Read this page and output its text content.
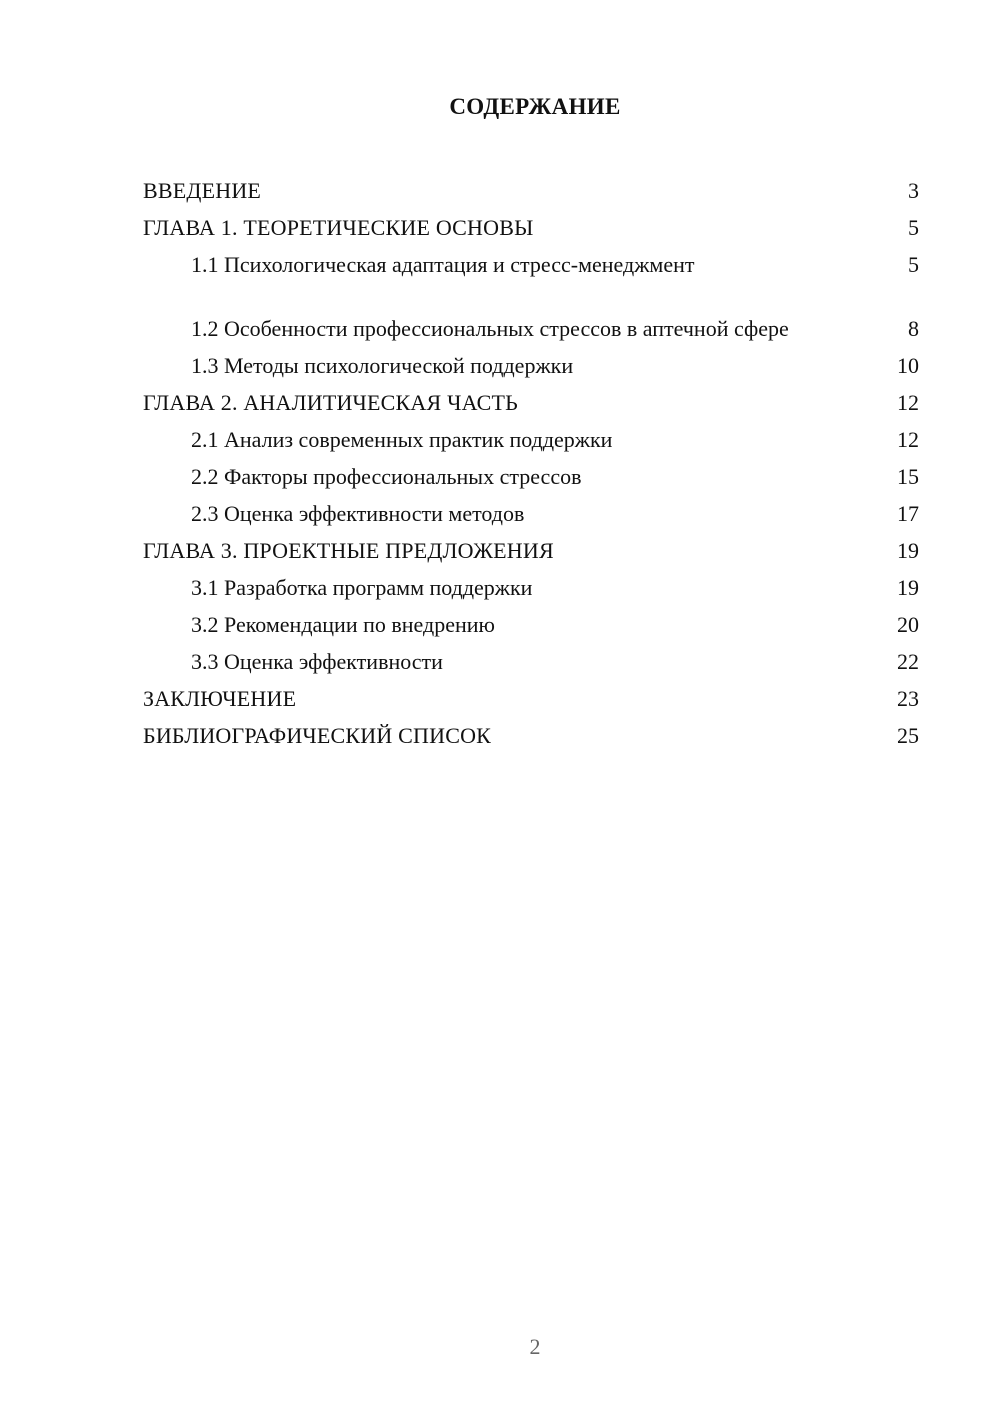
СОДЕРЖАНИЕ
ВВЕДЕНИЕ	3
ГЛАВА 1. ТЕОРЕТИЧЕСКИЕ ОСНОВЫ	5
1.1 Психологическая адаптация и стресс-менеджмент	5
1.2 Особенности профессиональных стрессов в аптечной сфере	8
1.3 Методы психологической поддержки	10
ГЛАВА 2. АНАЛИТИЧЕСКАЯ ЧАСТЬ	12
2.1 Анализ современных практик поддержки	12
2.2 Факторы профессиональных стрессов	15
2.3 Оценка эффективности методов	17
ГЛАВА 3. ПРОЕКТНЫЕ ПРЕДЛОЖЕНИЯ	19
3.1 Разработка программ поддержки	19
3.2 Рекомендации по внедрению	20
3.3 Оценка эффективности	22
ЗАКЛЮЧЕНИЕ	23
БИБЛИОГРАФИЧЕСКИЙ СПИСОК	25
2
